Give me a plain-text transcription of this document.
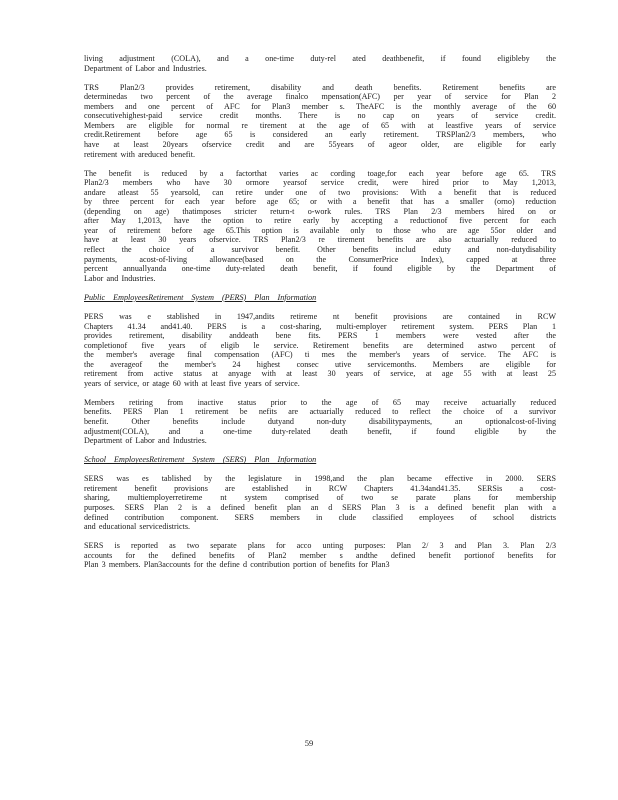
living adjustment (COLA), and a one-time duty-rel ated deathbenefit, if found eligibleby the
Department of Labor and Industries.
TRS Plan2/3 provides retirement, disability and death benefits. Retirement benefits are
determinedas two percent of the average finalco mpensation(AFC) per year of service for Plan 2
members and one percent of AFC for Plan3 member s. TheAFC is the monthly average of the 60
consecutivehighest-paid service credit months. There is no cap on years of service credit.
Members are eligible for normal re tirement at the age of 65 with at leastfive years of service
credit.Retirement before age 65 is considered an early retirement. TRSPlan2/3 members, who
have at least 20years ofservice credit and are 55years of ageor older, are eligible for early
retirement with areduced benefit.
The benefit is reduced by a factorthat varies ac cording toage,for each year before age 65. TRS
Plan2/3 members who have 30 ormore yearsof service credit, were hired prior to May 1,2013,
andare atleast 55 yearsold, can retire under one of two provisions: With a benefit that is reduced
by three percent for each year before age 65; or with a benefit that has a smaller (orno) reduction
(depending on age) thatimposes stricter return-t o-work rules. TRS Plan 2/3 members hired on or
after May 1,2013, have the option to retire early by accepting a reductionof five percent for each
year of retirement before age 65.This option is available only to those who are age 55or older and
have at least 30 years ofservice. TRS Plan2/3 re tirement benefits are also actuarially reduced to
reflect the choice of a survivor benefit. Other benefits includ eduty and non-dutydisability
payments, acost-of-living allowance(based on the ConsumerPrice Index), capped at three
percent annuallyanda one-time duty-related death benefit, if found eligible by the Department of
Labor and Industries.
Public EmployeesRetirement System (PERS) Plan Information
PERS was e stablished in 1947,andits retireme nt benefit provisions are contained in RCW
Chapters 41.34 and41.40. PERS is a cost-sharing, multi-employer retirement system. PERS Plan 1
provides retirement, disability anddeath bene fits. PERS 1 members were vested after the
completionof five years of eligib le service. Retirement benefits are determined astwo percent of
the member's average final compensation (AFC) ti mes the member's years of service. The AFC is
the averageof the member's 24 highest consec utive servicemonths. Members are eligible for
retirement from active status at anyage with at least 30 years of service, at age 55 with at least 25
years of service, or atage 60 with at least five years of service.
Members retiring from inactive status prior to the age of 65 may receive actuarially reduced
benefits. PERS Plan 1 retirement be nefits are actuarially reduced to reflect the choice of a survivor
benefit. Other benefits include dutyand non-duty disabilitypayments, an optionalcost-of-living
adjustment(COLA), and a one-time duty-related death benefit, if found eligible by the
Department of Labor and Industries.
School EmployeesRetirement System (SERS) Plan Information
SERS was es tablished by the legislature in 1998,and the plan became effective in 2000. SERS
retirement benefit provisions are established in RCW Chapters 41.34and41.35. SERSis a cost-
sharing, multiemployerretireme nt system comprised of two se parate plans for membership
purposes. SERS Plan 2 is a defined benefit plan an d SERS Plan 3 is a defined benefit plan with a
defined contribution component. SERS members in clude classified employees of school districts
and educational servicedistricts.
SERS is reported as two separate plans for acco unting purposes: Plan 2/ 3 and Plan 3. Plan 2/3
accounts for the defined benefits of Plan2 member s andthe defined benefit portionof benefits for
Plan 3 members. Plan3accounts for the define d contribution portion of benefits for Plan3
59
